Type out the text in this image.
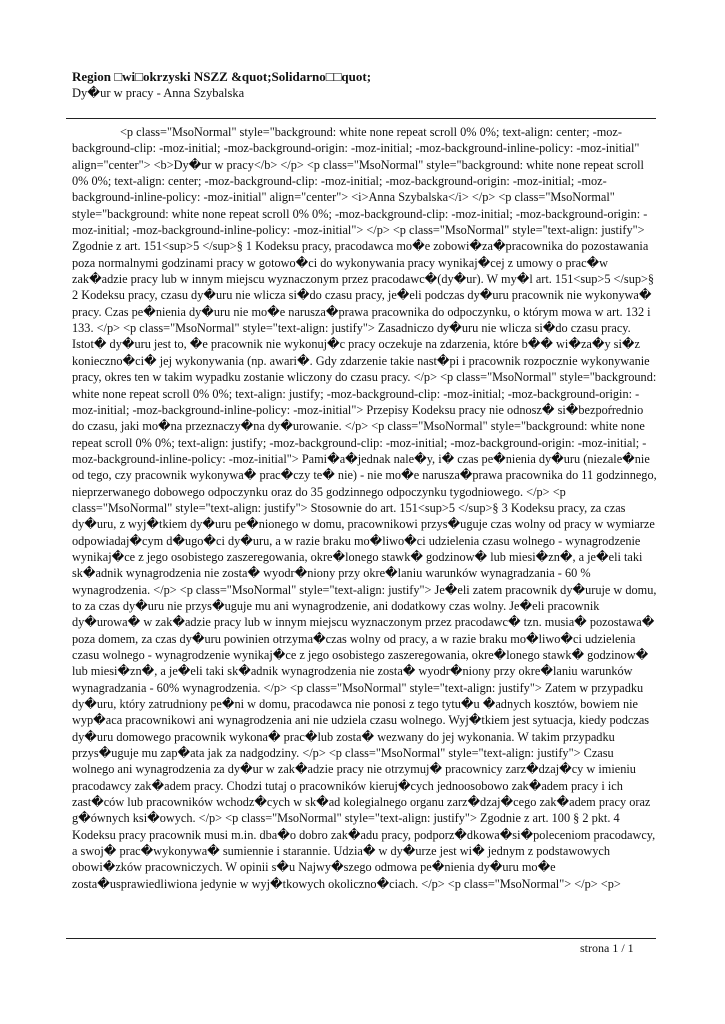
Region □wi□okrzyski NSZZ &quot;Solidarno□□quot;

Dy�ur w pracy - Anna Szybalska

<p class="MsoNormal" style="background: white none repeat scroll 0% 0%; text-align: center; -moz-background-clip: -moz-initial; -moz-background-origin: -moz-initial; -moz-background-inline-policy: -moz-initial" align="center"> <b>Dy�ur w pracy</b> </p> <p class="MsoNormal" style="background: white none repeat scroll 0% 0%; text-align: center; -moz-background-clip: -moz-initial; -moz-background-origin: -moz-initial; -moz-background-inline-policy: -moz-initial" align="center"> <i>Anna Szybalska</i> </p> <p class="MsoNormal" style="background: white none repeat scroll 0% 0%; -moz-background-clip: -moz-initial; -moz-background-origin: -moz-initial; -moz-background-inline-policy: -moz-initial"> </p> <p class="MsoNormal" style="text-align: justify"> Zgodnie z art. 151<sup>5 </sup>§ 1 Kodeksu pracy, pracodawca mo�e zobowi�za�pracownika do pozostawania poza normalnymi godzinami pracy w gotowo�ci do wykonywania pracy wynikaj�cej z umowy o prac�w zak�adzie pracy lub w innym miejscu wyznaczonym przez pracodawc�(dy�ur). W my�l art. 151<sup>5 </sup>§ 2 Kodeksu pracy, czasu dy�uru nie wlicza si�do czasu pracy, je�eli podczas dy�uru pracownik nie wykonywa� pracy. Czas pe�nienia dy�uru nie mo�e narusza�prawa pracownika do odpoczynku, o którym mowa w art. 132 i 133. </p> <p class="MsoNormal" style="text-align: justify"> Zasadniczo dy�uru nie wlicza si�do czasu pracy. Istot� dy�uru jest to, �e pracownik nie wykonuj�c pracy oczekuje na zdarzenia, które b�� wi�za�y si�z konieczno�ci� jej wykonywania (np. awari�. Gdy zdarzenie takie nast�pi i pracownik rozpocznie wykonywanie pracy, okres ten w takim wypadku zostanie wliczony do czasu pracy. </p> <p class="MsoNormal" style="background: white none repeat scroll 0% 0%; text-align: justify; -moz-background-clip: -moz-initial; -moz-background-origin: -moz-initial; -moz-background-inline-policy: -moz-initial"> Przepisy Kodeksu pracy nie odnosz� si�bezpoŕrednio do czasu, jaki mo�na przeznaczy�na dy�urowanie. </p> <p class="MsoNormal" style="background: white none repeat scroll 0% 0%; text-align: justify; -moz-background-clip: -moz-initial; -moz-background-origin: -moz-initial; -moz-background-inline-policy: -moz-initial"> Pami�a�jednak nale�y, i� czas pe�nienia dy�uru (niezale�nie od tego, czy pracownik wykonywa� prac�czy te� nie) - nie mo�e narusza�prawa pracownika do 11 godzinnego, nieprzerwanego dobowego odpoczynku oraz do 35 godzinnego odpoczynku tygodniowego. </p> <p class="MsoNormal" style="text-align: justify"> Stosownie do art. 151<sup>5 </sup>§ 3 Kodeksu pracy, za czas dy�uru, z wyj�tkiem dy�uru pe�nionego w domu, pracownikowi przys�uguje czas wolny od pracy w wymiarze odpowiadaj�cym d�ugo�ci dy�uru, a w razie braku mo�liwo�ci udzielenia czasu wolnego - wynagrodzenie wynikaj�ce z jego osobistego zaszeregowania, okre�lonego stawk� godzinow� lub miesi�zn�, a je�eli taki sk�adnik wynagrodzenia nie zosta� wyodr�niony przy okre�laniu warunków wynagradzania - 60 % wynagrodzenia. </p> <p class="MsoNormal" style="text-align: justify"> Je�eli zatem pracownik dy�uruje w domu, to za czas dy�uru nie przys�uguje mu ani wynagrodzenie, ani dodatkowy czas wolny. Je�eli pracownik dy�urowa� w zak�adzie pracy lub w innym miejscu wyznaczonym przez pracodawc� tzn. musia� pozostawa� poza domem, za czas dy�uru powinien otrzyma�czas wolny od pracy, a w razie braku mo�liwo�ci udzielenia czasu wolnego - wynagrodzenie wynikaj�ce z jego osobistego zaszeregowania, okre�lonego stawk� godzinow� lub miesi�zn�, a je�eli taki sk�adnik wynagrodzenia nie zosta� wyodr�niony przy okre�laniu warunków wynagradzania - 60% wynagrodzenia. </p> <p class="MsoNormal" style="text-align: justify"> Zatem w przypadku dy�uru, który zatrudniony pe�ni w domu, pracodawca nie ponosi z tego tytu�u �adnych kosztów, bowiem nie wyp�aca pracownikowi ani wynagrodzenia ani nie udziela czasu wolnego. Wyj�tkiem jest sytuacja, kiedy podczas dy�uru domowego pracownik wykona� prac�lub zosta� wezwany do jej wykonania. W takim przypadku przys�uguje mu zap�ata jak za nadgodziny. </p> <p class="MsoNormal" style="text-align: justify"> Czasu wolnego ani wynagrodzenia za dy�ur w zak�adzie pracy nie otrzymuj� pracownicy zarz�dzaj�cy w imieniu pracodawcy zak�adem pracy. Chodzi tutaj o pracowników kieruj�cych jednoosobowo zak�adem pracy i ich zast�ców lub pracowników wchodz�cych w sk�ad kolegialnego organu zarz�dzaj�cego zak�adem pracy oraz g�ównych ksi�owych. </p> <p class="MsoNormal" style="text-align: justify"> Zgodnie z art. 100 § 2 pkt. 4 Kodeksu pracy pracownik musi m.in. dba�o dobro zak�adu pracy, podporz�dkowa�si�poleceniom pracodawcy, a swoj� prac�wykonywa� sumiennie i starannie. Udzia� w dy�urze jest wi� jednym z podstawowych obowi�zków pracowniczych. W opinii s�u Najwy�szego odmowa pe�nienia dy�uru mo�e zosta�usprawiedliwiona jedynie w wyj�tkowych okoliczno�ciach. </p> <p class="MsoNormal"> </p> <p>

strona 1 / 1
